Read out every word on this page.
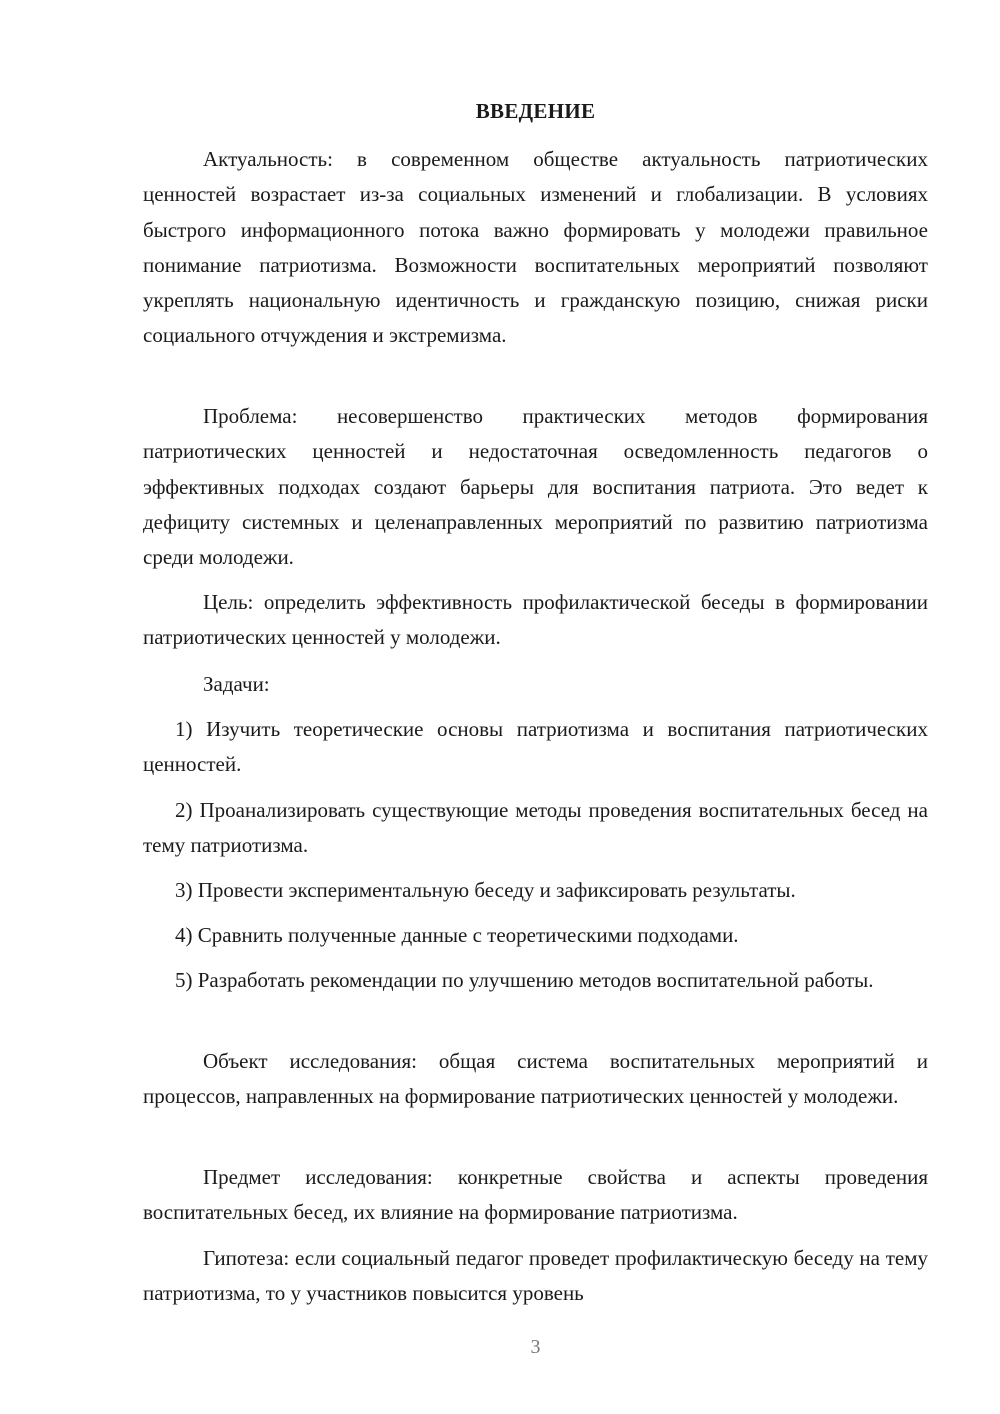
ВВЕДЕНИЕ

Актуальность: в современном обществе актуальность патриотических ценностей возрастает из-за социальных изменений и глобализации. В условиях быстрого информационного потока важно формировать у молодежи правильное понимание патриотизма. Возможности воспитательных мероприятий позволяют укреплять национальную идентичность и гражданскую позицию, снижая риски социального отчуждения и экстремизма.

Проблема: несовершенство практических методов формирования патриотических ценностей и недостаточная осведомленность педагогов о эффективных подходах создают барьеры для воспитания патриота. Это ведет к дефициту системных и целенаправленных мероприятий по развитию патриотизма среди молодежи.

Цель: определить эффективность профилактической беседы в формировании патриотических ценностей у молодежи.

Задачи:

1) Изучить теоретические основы патриотизма и воспитания патриотических ценностей.

2) Проанализировать существующие методы проведения воспитательных бесед на тему патриотизма.

3) Провести экспериментальную беседу и зафиксировать результаты.

4) Сравнить полученные данные с теоретическими подходами.

5) Разработать рекомендации по улучшению методов воспитательной работы.

Объект исследования: общая система воспитательных мероприятий и процессов, направленных на формирование патриотических ценностей у молодежи.

Предмет исследования: конкретные свойства и аспекты проведения воспитательных бесед, их влияние на формирование патриотизма.

Гипотеза: если социальный педагог проведет профилактическую беседу на тему патриотизма, то у участников повысится уровень

3
